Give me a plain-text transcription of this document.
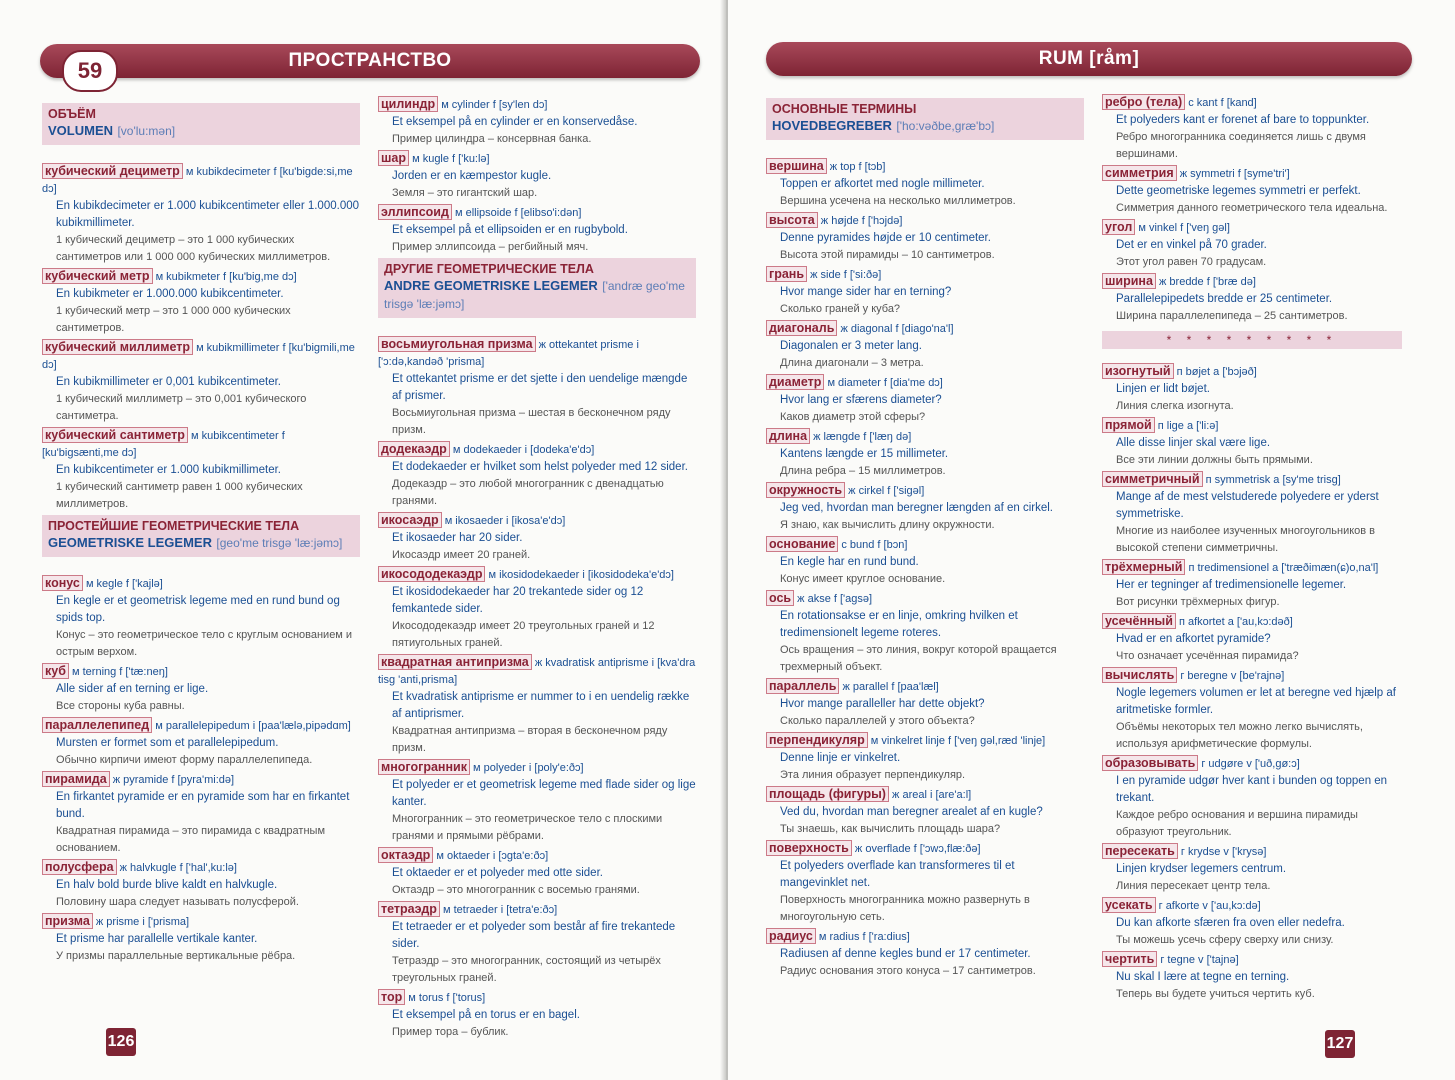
ПРОСТРАНСТВО
59
ОБЪЁМ
VOLUMEN [vo'lu:mən]
кубический дециметр м kubikdecimeter f [ku'bigde:si,me dɔ]
En kubikdecimeter er 1.000 kubikcentimeter eller 1.000.000 kubikmillimeter.
1 кубический дециметр – это 1 000 кубических сантиметров или 1 000 000 кубических миллиметров.
кубический метр м kubikmeter f [ku'big,me dɔ]
En kubikmeter er 1.000.000 kubikcentimeter.
1 кубический метр – это 1 000 000 кубических сантиметров.
кубический миллиметр м kubikmillimeter f [ku'bigmili,me dɔ]
En kubikmillimeter er 0,001 kubikcentimeter.
1 кубический миллиметр – это 0,001 кубического сантиметра.
кубический сантиметр м kubikcentimeter f [ku'bigsænti,me dɔ]
En kubikcentimeter er 1.000 kubikmillimeter.
1 кубический сантиметр равен 1 000 кубических миллиметров.
ПРОСТЕЙШИЕ ГЕОМЕТРИЧЕСКИЕ ТЕЛА
GEOMETRISKE LEGEMER [geo'me trisgə 'læ:jəmɔ]
конус м kegle f ['kajlə]
En kegle er et geometrisk legeme med en rund bund og spids top.
Конус – это геометрическое тело с круглым основанием и острым верхом.
куб м terning f ['tæ:neŋ]
Alle sider af en terning er lige.
Все стороны куба равны.
параллелепипед м parallelepipedum i [paa'lælə,pipədɑm]
Mursten er formet som et parallelepipedum.
Обычно кирпичи имеют форму параллелепипеда.
пирамида ж pyramide f [pyra'mi:də]
En firkantet pyramide er en pyramide som har en firkantet bund.
Квадратная пирамида – это пирамида с квадратным основанием.
полусфера ж halvkugle f ['hal',ku:lə]
En halv bold burde blive kaldt en halvkugle.
Половину шара следует называть полусферой.
призма ж prisme i ['prisma]
Et prisme har parallelle vertikale kanter.
У призмы параллельные вертикальные рёбра.
цилиндр м cylinder f [sy'len dɔ]
Et eksempel på en cylinder er en konservedåse.
Пример цилиндра – консервная банка.
шар м kugle f ['ku:lə]
Jorden er en kæmpestor kugle.
Земля – это гигантский шар.
эллипсоид м ellipsoide f [elibso'i:dən]
Et eksempel på et ellipsoiden er en rugbybold.
Пример эллипсоида – регбийный мяч.
ДРУГИЕ ГЕОМЕТРИЧЕСКИЕ ТЕЛА
ANDRE GEOMETRISKE LEGEMER ['andræ geo'me trisgə 'læ:jəmɔ]
восьмиугольная призма ж ottekantet prisme i ['ɔ:də,kandəð 'prisma]
Et ottekantet prisme er det sjette i den uendelige mængde af prismer.
Восьмиугольная призма – шестая в бесконечном ряду призм.
додекаэдр м dodekaeder i [dodeka'e'dɔ]
Et dodekaeder er hvilket som helst polyeder med 12 sider.
Додекаэдр – это любой многогранник с двенадцатью гранями.
икосаэдр м ikosaeder i [ikosa'e'dɔ]
Et ikosaeder har 20 sider.
Икосаэдр имеет 20 граней.
икосододекаэдр м ikosidodekaeder i [ikosidodeka'e'dɔ]
Et ikosidodekaeder har 20 trekantede sider og 12 femkantede sider.
Икосододекаэдр имеет 20 треугольных граней и 12 пятиугольных граней.
квадратная антипризма ж kvadratisk antiprisme i [kva'dra tisg 'anti,prisma]
Et kvadratisk antiprisme er nummer to i en uendelig række af antiprismer.
Квадратная антипризма – вторая в бесконечном ряду призм.
многогранник м polyeder i [poly'e:ðɔ]
Et polyeder er et geometrisk legeme med flade sider og lige kanter.
Многогранник – это геометрическое тело с плоскими гранями и прямыми рёбрами.
октаэдр м oktaeder i [ɔgta'e:ðɔ]
Et oktaeder er et polyeder med otte sider.
Октаэдр – это многогранник с восемью гранями.
тетраэдр м tetraeder i [tetra'e:ðɔ]
Et tetraeder er et polyeder som består af fire trekantede sider.
Тетраэдр – это многогранник, состоящий из четырёх треугольных граней.
тор м torus f ['torus]
Et eksempel på en torus er en bagel.
Пример тора – бублик.
126
RUM [råm]
ОСНОВНЫЕ ТЕРМИНЫ
HOVEDBEGREBER ['ho:vəðbe,græ'bɔ]
вершина ж top f [tɔb]
Toppen er afkortet med nogle millimeter.
Вершина усечена на несколько миллиметров.
высота ж højde f ['hɔjdə]
Denne pyramides højde er 10 centimeter.
Высота этой пирамиды – 10 сантиметров.
грань ж side f ['si:ðə]
Hvor mange sider har en terning?
Сколько граней у куба?
диагональ ж diagonal f [diago'na'l]
Diagonalen er 3 meter lang.
Длина диагонали – 3 метра.
диаметр м diameter f [dia'me dɔ]
Hvor lang er sfærens diameter?
Каков диаметр этой сферы?
длина ж længde f ['læŋ də]
Kantens længde er 15 millimeter.
Длина ребра – 15 миллиметров.
окружность ж cirkel f ['sigəl]
Jeg ved, hvordan man beregner længden af en cirkel.
Я знаю, как вычислить длину окружности.
основание с bund f [bɔn]
En kegle har en rund bund.
Конус имеет круглое основание.
ось ж akse f ['agsə]
En rotationsakse er en linje, omkring hvilken et tredimensionelt legeme roteres.
Ось вращения – это линия, вокруг которой вращается трехмерный объект.
параллель ж parallel f [paa'læl]
Hvor mange paralleller har dette objekt?
Сколько параллелей у этого объекта?
перпендикуляр м vinkelret linje f ['veŋ gəl,ræd 'linje]
Denne linje er vinkelret.
Эта линия образует перпендикуляр.
площадь (фигуры) ж areal i [are'a:l]
Ved du, hvordan man beregner arealet af en kugle?
Ты знаешь, как вычислить площадь шара?
поверхность ж overflade f ['ɔwɔ,flæ:ðə]
Et polyeders overflade kan transformeres til et mangevinklet net.
Поверхность многогранника можно развернуть в многоугольную сеть.
радиус м radius f ['ra:dius]
Radiusen af denne kegles bund er 17 centimeter.
Радиус основания этого конуса – 17 сантиметров.
ребро (тела) с kant f [kand]
Et polyeders kant er forenet af bare to toppunkter.
Ребро многогранника соединяется лишь с двумя вершинами.
симметрия ж symmetri f [syme'tri']
Dette geometriske legemes symmetri er perfekt.
Симметрия данного геометрического тела идеальна.
угол м vinkel f ['veŋ gəl]
Det er en vinkel på 70 grader.
Этот угол равен 70 градусам.
ширина ж bredde f ['bræ də]
Parallelepipedets bredde er 25 centimeter.
Ширина параллелепипеда – 25 сантиметров.
* * * * * * * * *
изогнутый п bøjet a ['bɔjəð]
Linjen er lidt bøjet.
Линия слегка изогнута.
прямой п lige a ['li:ə]
Alle disse linjer skal være lige.
Все эти линии должны быть прямыми.
симметричный п symmetrisk a [sy'me trisg]
Mange af de mest velstuderede polyedere er yderst symmetriske.
Многие из наиболее изученных многоугольников в высокой степени симметричны.
трёхмерный п tredimensionel a ['træðimæn(ɕ)o,na'l]
Her er tegninger af tredimensionelle legemer.
Вот рисунки трёхмерных фигур.
усечённый п afkortet a ['au,kɔ:dəð]
Hvad er en afkortet pyramide?
Что означает усечённая пирамида?
вычислять г beregne v [be'rajnə]
Nogle legemers volumen er let at beregne ved hjælp af aritmetiske formler.
Объёмы некоторых тел можно легко вычислять, используя арифметические формулы.
образовывать г udgøre v ['uð,gø:ɔ]
I en pyramide udgør hver kant i bunden og toppen en trekant.
Каждое ребро основания и вершина пирамиды образуют треугольник.
пересекать г krydse v ['krysə]
Linjen krydser legemers centrum.
Линия пересекает центр тела.
усекать г afkorte v ['au,kɔ:də]
Du kan afkorte sfæren fra oven eller nedefra.
Ты можешь усечь сферу сверху или снизу.
чертить г tegne v ['tajnə]
Nu skal I lære at tegne en terning.
Теперь вы будете учиться чертить куб.
127
